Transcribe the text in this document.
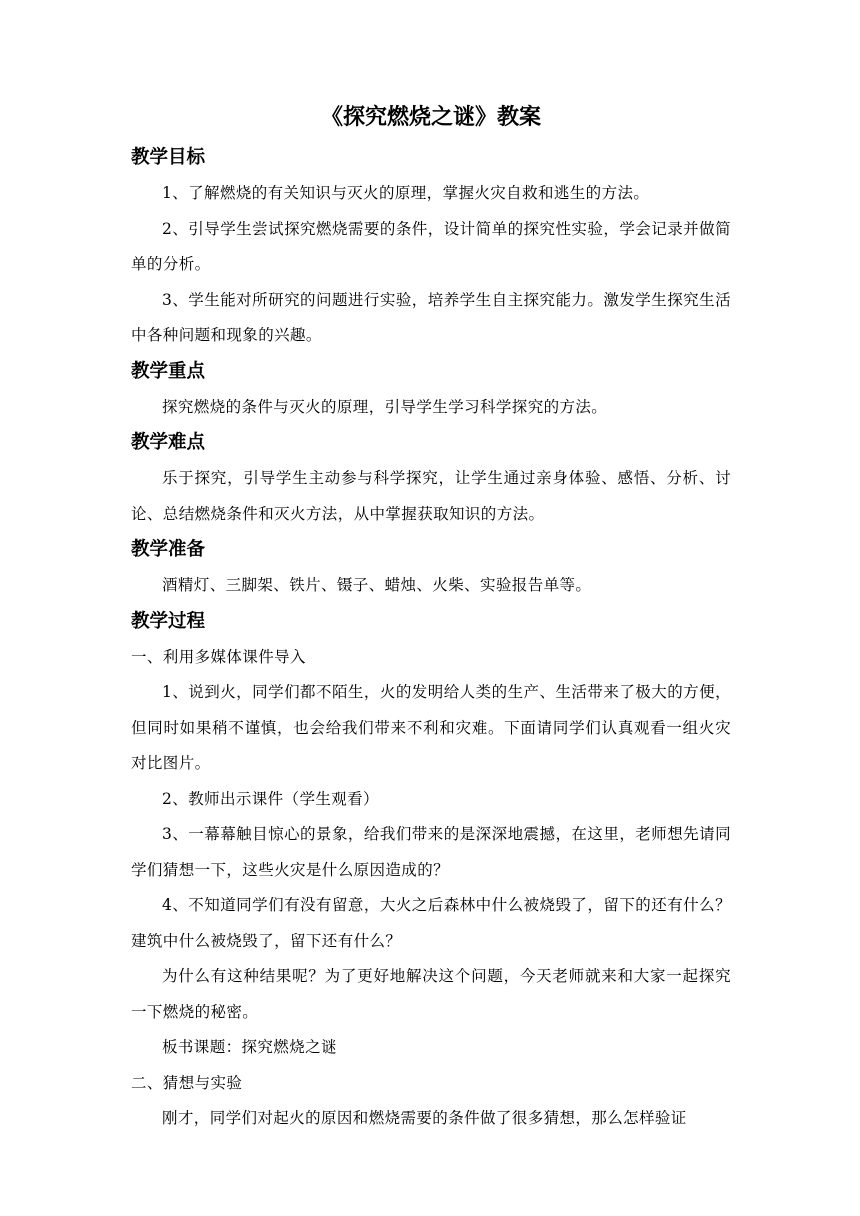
《探究燃烧之谜》教案
教学目标

1、了解燃烧的有关知识与灭火的原理，掌握火灾自救和逃生的方法。

2、引导学生尝试探究燃烧需要的条件，设计简单的探究性实验，学会记录并做简单的分析。

3、学生能对所研究的问题进行实验，培养学生自主探究能力。激发学生探究生活中各种问题和现象的兴趣。

教学重点

探究燃烧的条件与灭火的原理，引导学生学习科学探究的方法。

教学难点

乐于探究，引导学生主动参与科学探究，让学生通过亲身体验、感悟、分析、讨论、总结燃烧条件和灭火方法，从中掌握获取知识的方法。

教学准备

酒精灯、三脚架、铁片、镊子、蜡烛、火柴、实验报告单等。

教学过程

一、利用多媒体课件导入

1、说到火，同学们都不陌生，火的发明给人类的生产、生活带来了极大的方便，但同时如果稍不谨慎，也会给我们带来不利和灾难。下面请同学们认真观看一组火灾对比图片。

2、教师出示课件（学生观看）

3、一幕幕触目惊心的景象，给我们带来的是深深地震撼，在这里，老师想先请同学们猜想一下，这些火灾是什么原因造成的？

4、不知道同学们有没有留意，大火之后森林中什么被烧毁了，留下的还有什么？建筑中什么被烧毁了，留下还有什么？

为什么有这种结果呢？为了更好地解决这个问题，今天老师就来和大家一起探究一下燃烧的秘密。

板书课题：探究燃烧之谜

二、猜想与实验

刚才，同学们对起火的原因和燃烧需要的条件做了很多猜想，那么怎样验证
